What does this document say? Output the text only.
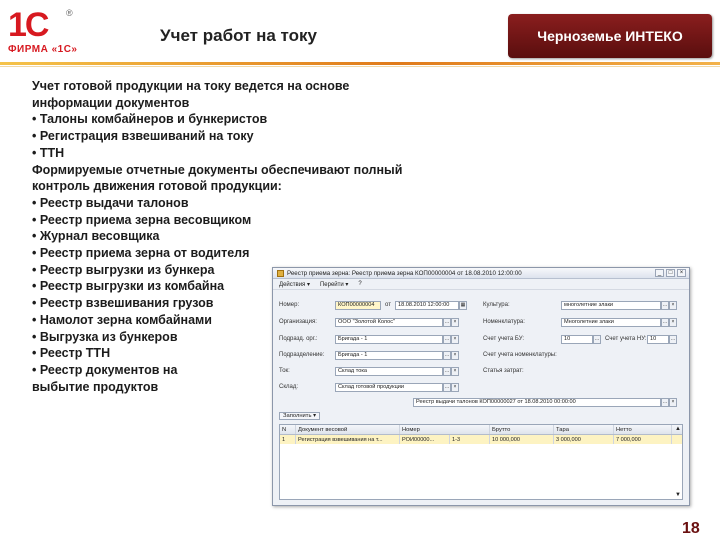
1С	®
ФИРМА «1С»
Учет работ на току	Черноземье ИНТЕКО
Учет готовой продукции на току ведется на основе
информации документов
• Талоны комбайнеров и бункеристов
• Регистрация взвешиваний на току
• ТТН
Формируемые отчетные документы обеспечивают полный
контроль движения готовой продукции:
• Реестр выдачи талонов
• Реестр приема зерна весовщиком
• Журнал весовщика
• Реестр приема зерна от водителя
• Реестр выгрузки из бункера
• Реестр выгрузки из комбайна
• Реестр взвешивания грузов
• Намолот зерна комбайнами
• Выгрузка из бункеров
• Реестр ТТН
• Реестр документов на
выбытие продуктов
Реестр приема зерна: Реестр приема зерна КОП00000004 от 18.08.2010 12:00:00	_	□	×
Действия ▾ Перейти ▾ ?
Номер:	КОП00000004	от	18.08.2010 12:00:00	▦
Организация:	ООО "Золотой Колос"	… ×
Подразд. орг.:	Бригада - 1	… ×
Подразделение:	Бригада - 1	… ×
Ток:	Склад тока	… ×
Склад:	Склад готовой продукции	… ×
Культура:	многолетние злаки	… ×
Номенклатура:	Многолетние злаки	… ×
Счет учета БУ:	10	… Счет учета НУ: 10	…
Счет учета номенклатуры:
Статья затрат:
Реестр выдачи талонов КОП00000027 от 18.08.2010 00:00:00	… ×
Заполнить ▾
N	Документ весовой	Номер	Брутто	Тара	Нетто
1	Регистрация взвешивания на т...	РОИ00000...	1-3	10 000,000	3 000,000	7 000,000
▲
▼
18
